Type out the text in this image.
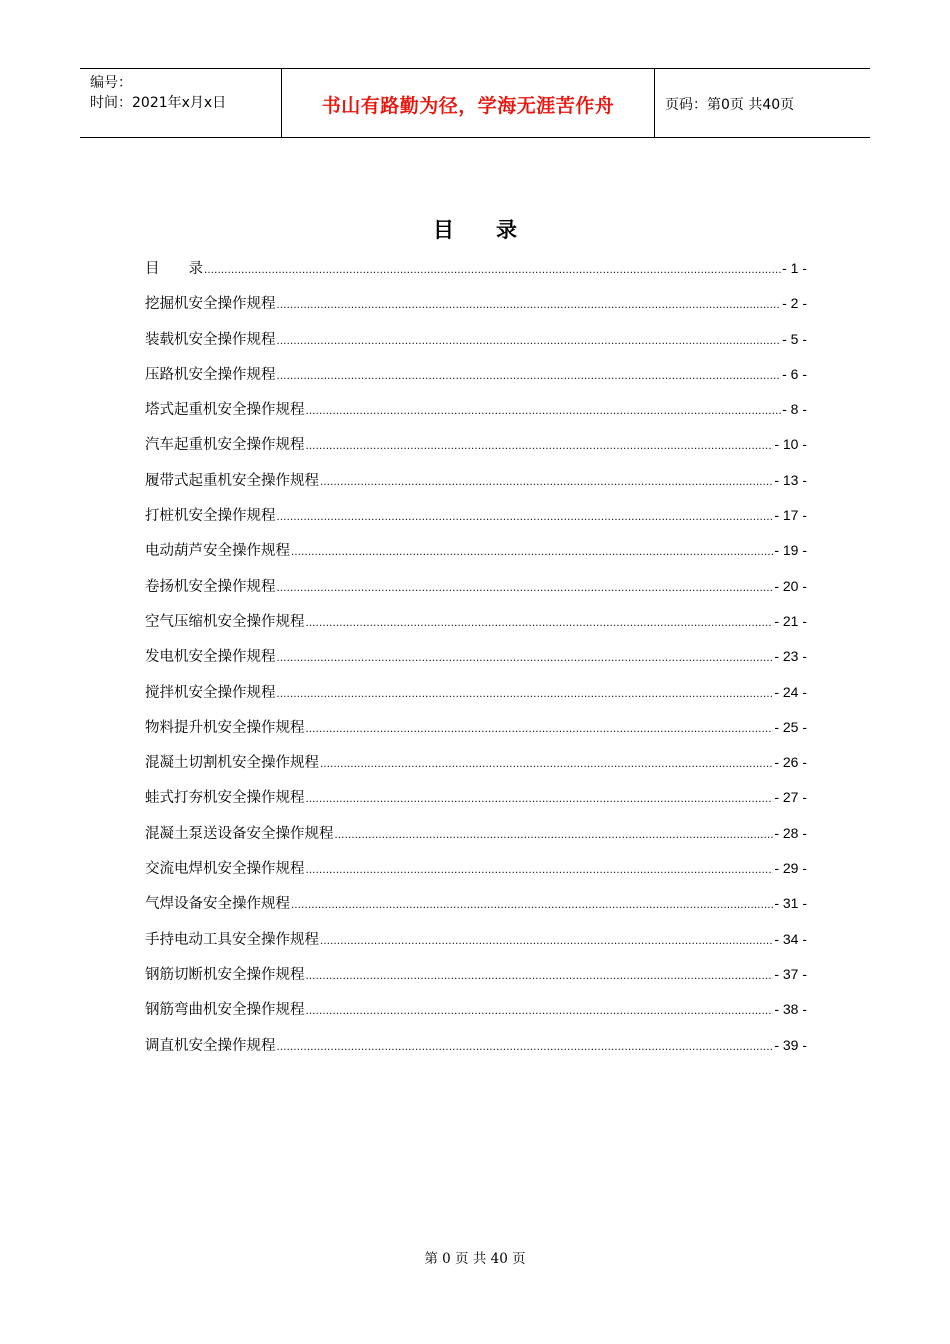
编号：
时间：2021年x月x日	书山有路勤为径，学海无涯苦作舟	页码：第0页 共40页
目　　录
目　　录 .....	- 1 -
挖掘机安全操作规程 .....	- 2 -
装载机安全操作规程 .....	- 5 -
压路机安全操作规程 .....	- 6 -
塔式起重机安全操作规程 .....	- 8 -
汽车起重机安全操作规程 .....	- 10 -
履带式起重机安全操作规程 .....	- 13 -
打桩机安全操作规程 .....	- 17 -
电动葫芦安全操作规程 .....	- 19 -
卷扬机安全操作规程 .....	- 20 -
空气压缩机安全操作规程 .....	- 21 -
发电机安全操作规程 .....	- 23 -
搅拌机安全操作规程 .....	- 24 -
物料提升机安全操作规程 .....	- 25 -
混凝土切割机安全操作规程 .....	- 26 -
蛙式打夯机安全操作规程 .....	- 27 -
混凝土泵送设备安全操作规程 .....	- 28 -
交流电焊机安全操作规程 .....	- 29 -
气焊设备安全操作规程 .....	- 31 -
手持电动工具安全操作规程 .....	- 34 -
钢筋切断机安全操作规程 .....	- 37 -
钢筋弯曲机安全操作规程 .....	- 38 -
调直机安全操作规程 .....	- 39 -
第 0 页 共 40 页
